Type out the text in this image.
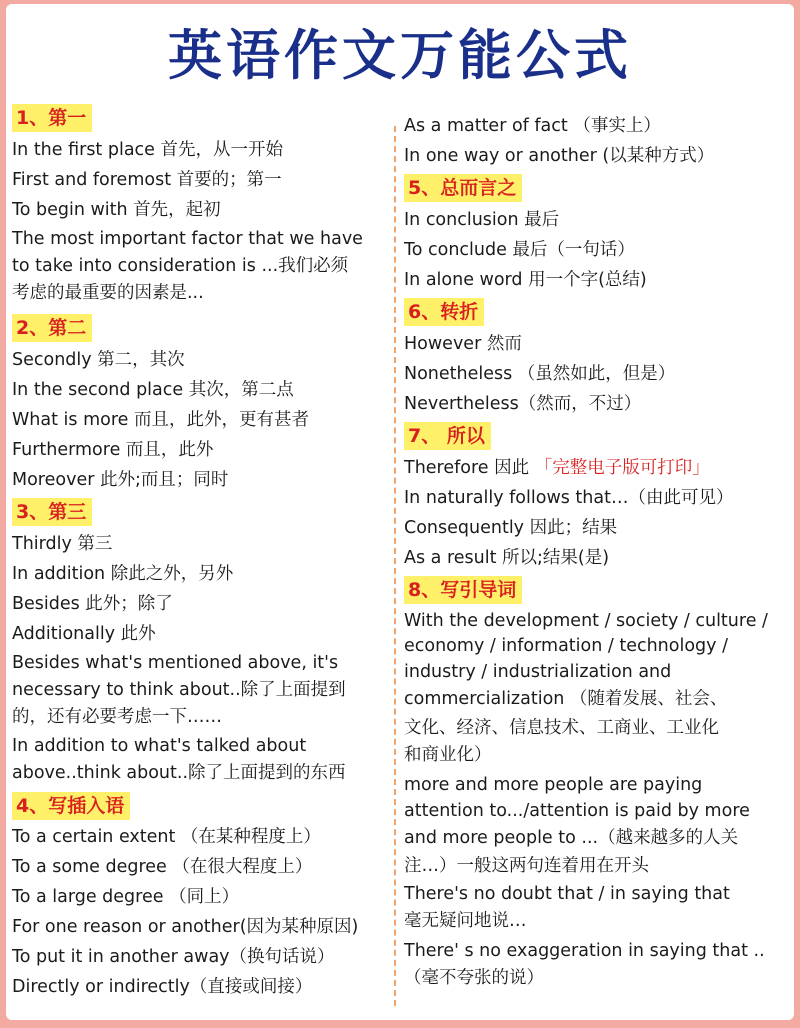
英语作文万能公式
1、第一
In the first place 首先，从一开始
First and foremost 首要的；第一
To begin with 首先，起初
The most important factor that we have
to take into consideration is ...我们必须
考虑的最重要的因素是...
2、第二
Secondly 第二，其次
In the second place 其次，第二点
What is more 而且，此外，更有甚者
Furthermore 而且，此外
Moreover 此外;而且；同时
3、第三
Thirdly 第三
In addition 除此之外，另外
Besides 此外；除了
Additionally 此外
Besides what's mentioned above, it's
necessary to think about..除了上面提到
的，还有必要考虑一下……
In addition to what's talked about
above..think about..除了上面提到的东西
4、写插入语
To a certain extent （在某种程度上）
To a some degree （在很大程度上）
To a large degree （同上）
For one reason or another(因为某种原因)
To put it in another away（换句话说）
Directly or indirectly（直接或间接）
As a matter of fact （事实上）
In one way or another (以某种方式）
5、总而言之
In conclusion 最后
To conclude 最后（一句话）
In alone word 用一个字(总结)
6、转折
However 然而
Nonetheless （虽然如此，但是）
Nevertheless（然而，不过）
7、 所以
Therefore 因此 「完整电子版可打印」
In naturally follows that…（由此可见）
Consequently 因此；结果
As a result 所以;结果(是)
8、写引导词
With the development / society / culture /
economy / information / technology /
industry / industrialization and
commercialization （随着发展、社会、
文化、经济、信息技术、工商业、工业化
和商业化）
more and more people are paying
attention to.../attention is paid by more
and more people to ...（越来越多的人关
注…）一般这两句连着用在开头
There's no doubt that / in saying that
毫无疑问地说…
There' s no exaggeration in saying that ..
（毫不夸张的说）
